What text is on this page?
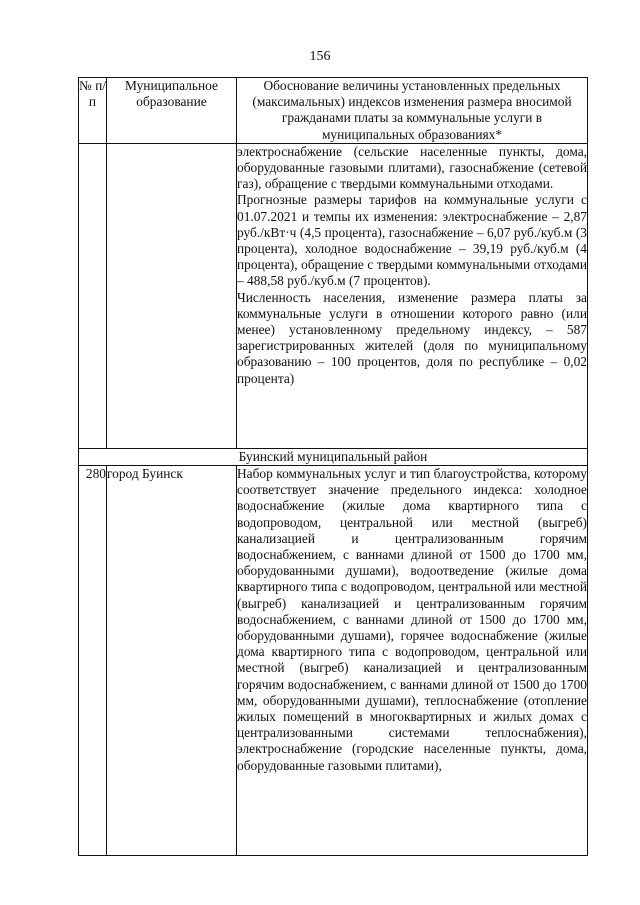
156
№ п/п	Муниципальное образование	Обоснование величины установленных предельных (максимальных) индексов изменения размера вносимой гражданами платы за коммунальные услуги в муниципальных образованиях*

		электроснабжение (сельские населенные пункты, дома, оборудованные газовыми плитами), газоснабжение (сетевой газ), обращение с твердыми коммунальными отходами.

Прогнозные размеры тарифов на коммунальные услуги с 01.07.2021 и темпы их изменения: электроснабжение – 2,87 руб./кВт·ч (4,5 процента), газоснабжение – 6,07 руб./куб.м (3 процента), холодное водоснабжение – 39,19 руб./куб.м (4 процента), обращение с твердыми коммунальными отходами – 488,58 руб./куб.м (7 процентов).

Численность населения, изменение размера платы за коммунальные услуги в отношении которого равно (или менее) установленному предельному индексу, – 587 зарегистрированных жителей (доля по муниципальному образованию – 100 процентов, доля по республике – 0,02 процента)

Буинский муниципальный район		
280	город Буинск	Набор коммунальных услуг и тип благоустройства, которому соответствует значение предельного индекса: холодное водоснабжение (жилые дома квартирного типа с водопроводом, центральной или местной (выгреб) канализацией и централизованным горячим водоснабжением, с ваннами длиной от 1500 до 1700 мм, оборудованными душами), водоотведение (жилые дома квартирного типа с водопроводом, центральной или местной (выгреб) канализацией и централизованным горячим водоснабжением, с ваннами длиной от 1500 до 1700 мм, оборудованными душами), горячее водоснабжение (жилые дома квартирного типа с водопроводом, центральной или местной (выгреб) канализацией и централизованным горячим водоснабжением, с ваннами длиной от 1500 до 1700 мм, оборудованными душами), теплоснабжение (отопление жилых помещений в многоквартирных и жилых домах с централизованными системами теплоснабжения), электроснабжение (городские населенные пункты, дома, оборудованные газовыми плитами),
